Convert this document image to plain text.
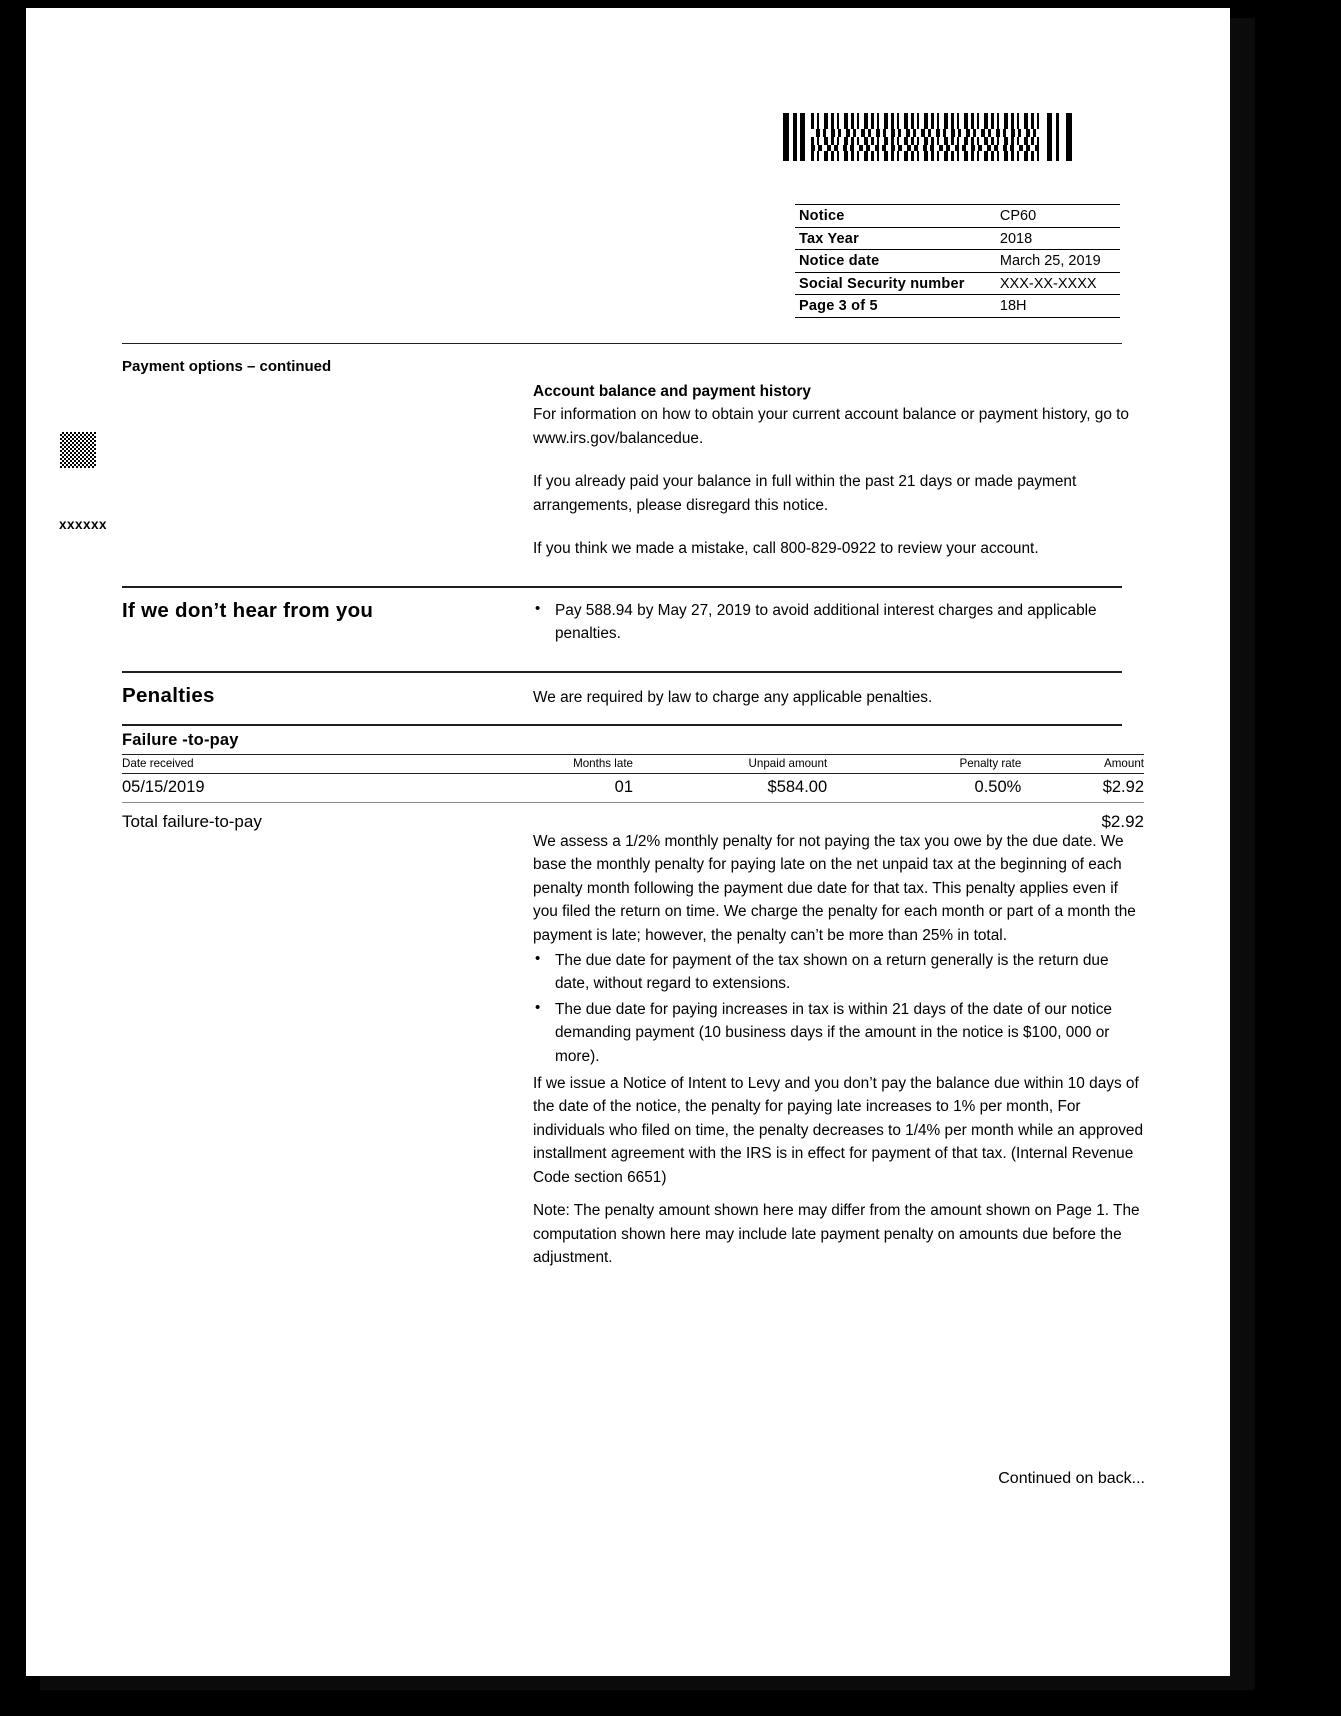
Notice	CP60
Tax Year	2018
Notice date	March 25, 2019
Social Security number	XXX-XX-XXXX
Page 3 of 5	18H
xxxxxx
Payment options – continued
Account balance and payment history

For information on how to obtain your current account balance or payment history, go to www.irs.gov/balancedue.

If you already paid your balance in full within the past 21 days or made payment arrangements, please disregard this notice.

If you think we made a mistake, call 800-829-0922 to review your account.

If we don’t hear from you	• Pay 588.94 by May 27, 2019 to avoid additional interest charges and applicable penalties.
Penalties	We are required by law to charge any applicable penalties.
Failure -to-pay
Date received	Months late	Unpaid amount	Penalty rate	Amount
05/15/2019	01	$584.00	0.50%	$2.92
Total failure-to-pay				$2.92

We assess a 1/2% monthly penalty for not paying the tax you owe by the due date. We base the monthly penalty for paying late on the net unpaid tax at the beginning of each penalty month following the payment due date for that tax. This penalty applies even if you filed the return on time. We charge the penalty for each month or part of a month the payment is late; however, the penalty can’t be more than 25% in total.

• The due date for payment of the tax shown on a return generally is the return due date, without regard to extensions.
• The due date for paying increases in tax is within 21 days of the date of our notice demanding payment (10 business days if the amount in the notice is $100, 000 or more).

If we issue a Notice of Intent to Levy and you don’t pay the balance due within 10 days of the date of the notice, the penalty for paying late increases to 1% per month, For individuals who filed on time, the penalty decreases to 1/4% per month while an approved installment agreement with the IRS is in effect for payment of that tax. (Internal Revenue Code section 6651)

Note: The penalty amount shown here may differ from the amount shown on Page 1. The computation shown here may include late payment penalty on amounts due before the adjustment.

Continued on back...
